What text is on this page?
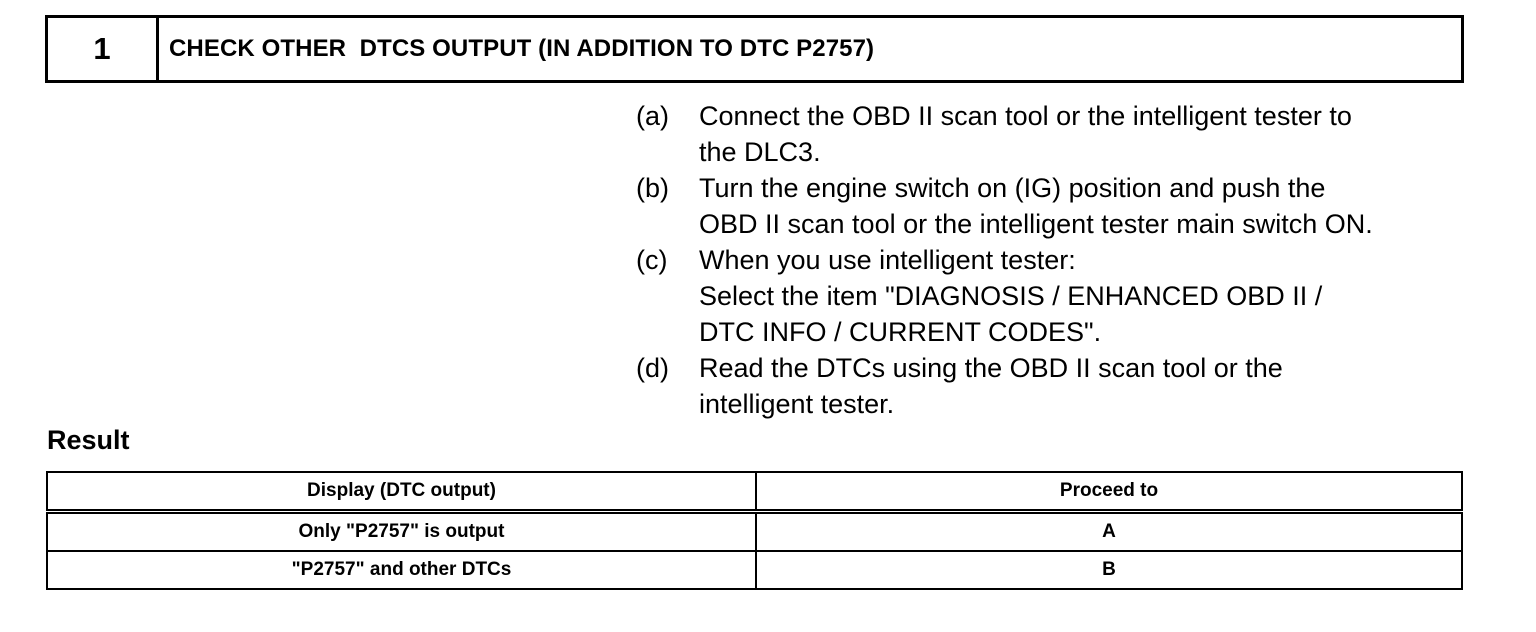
1	CHECK OTHER  DTCS OUTPUT (IN ADDITION TO DTC P2757)
(a)	Connect the OBD II scan tool or the intelligent tester to
the DLC3.
(b)	Turn the engine switch on (IG) position and push the
OBD II scan tool or the intelligent tester main switch ON.
(c)	When you use intelligent tester:
Select the item "DIAGNOSIS / ENHANCED OBD II /
DTC INFO / CURRENT CODES".
(d)	Read the DTCs using the OBD II scan tool or the
intelligent tester.
Result
Display (DTC output)	Proceed to
Only "P2757" is output	A
"P2757" and other DTCs	B
